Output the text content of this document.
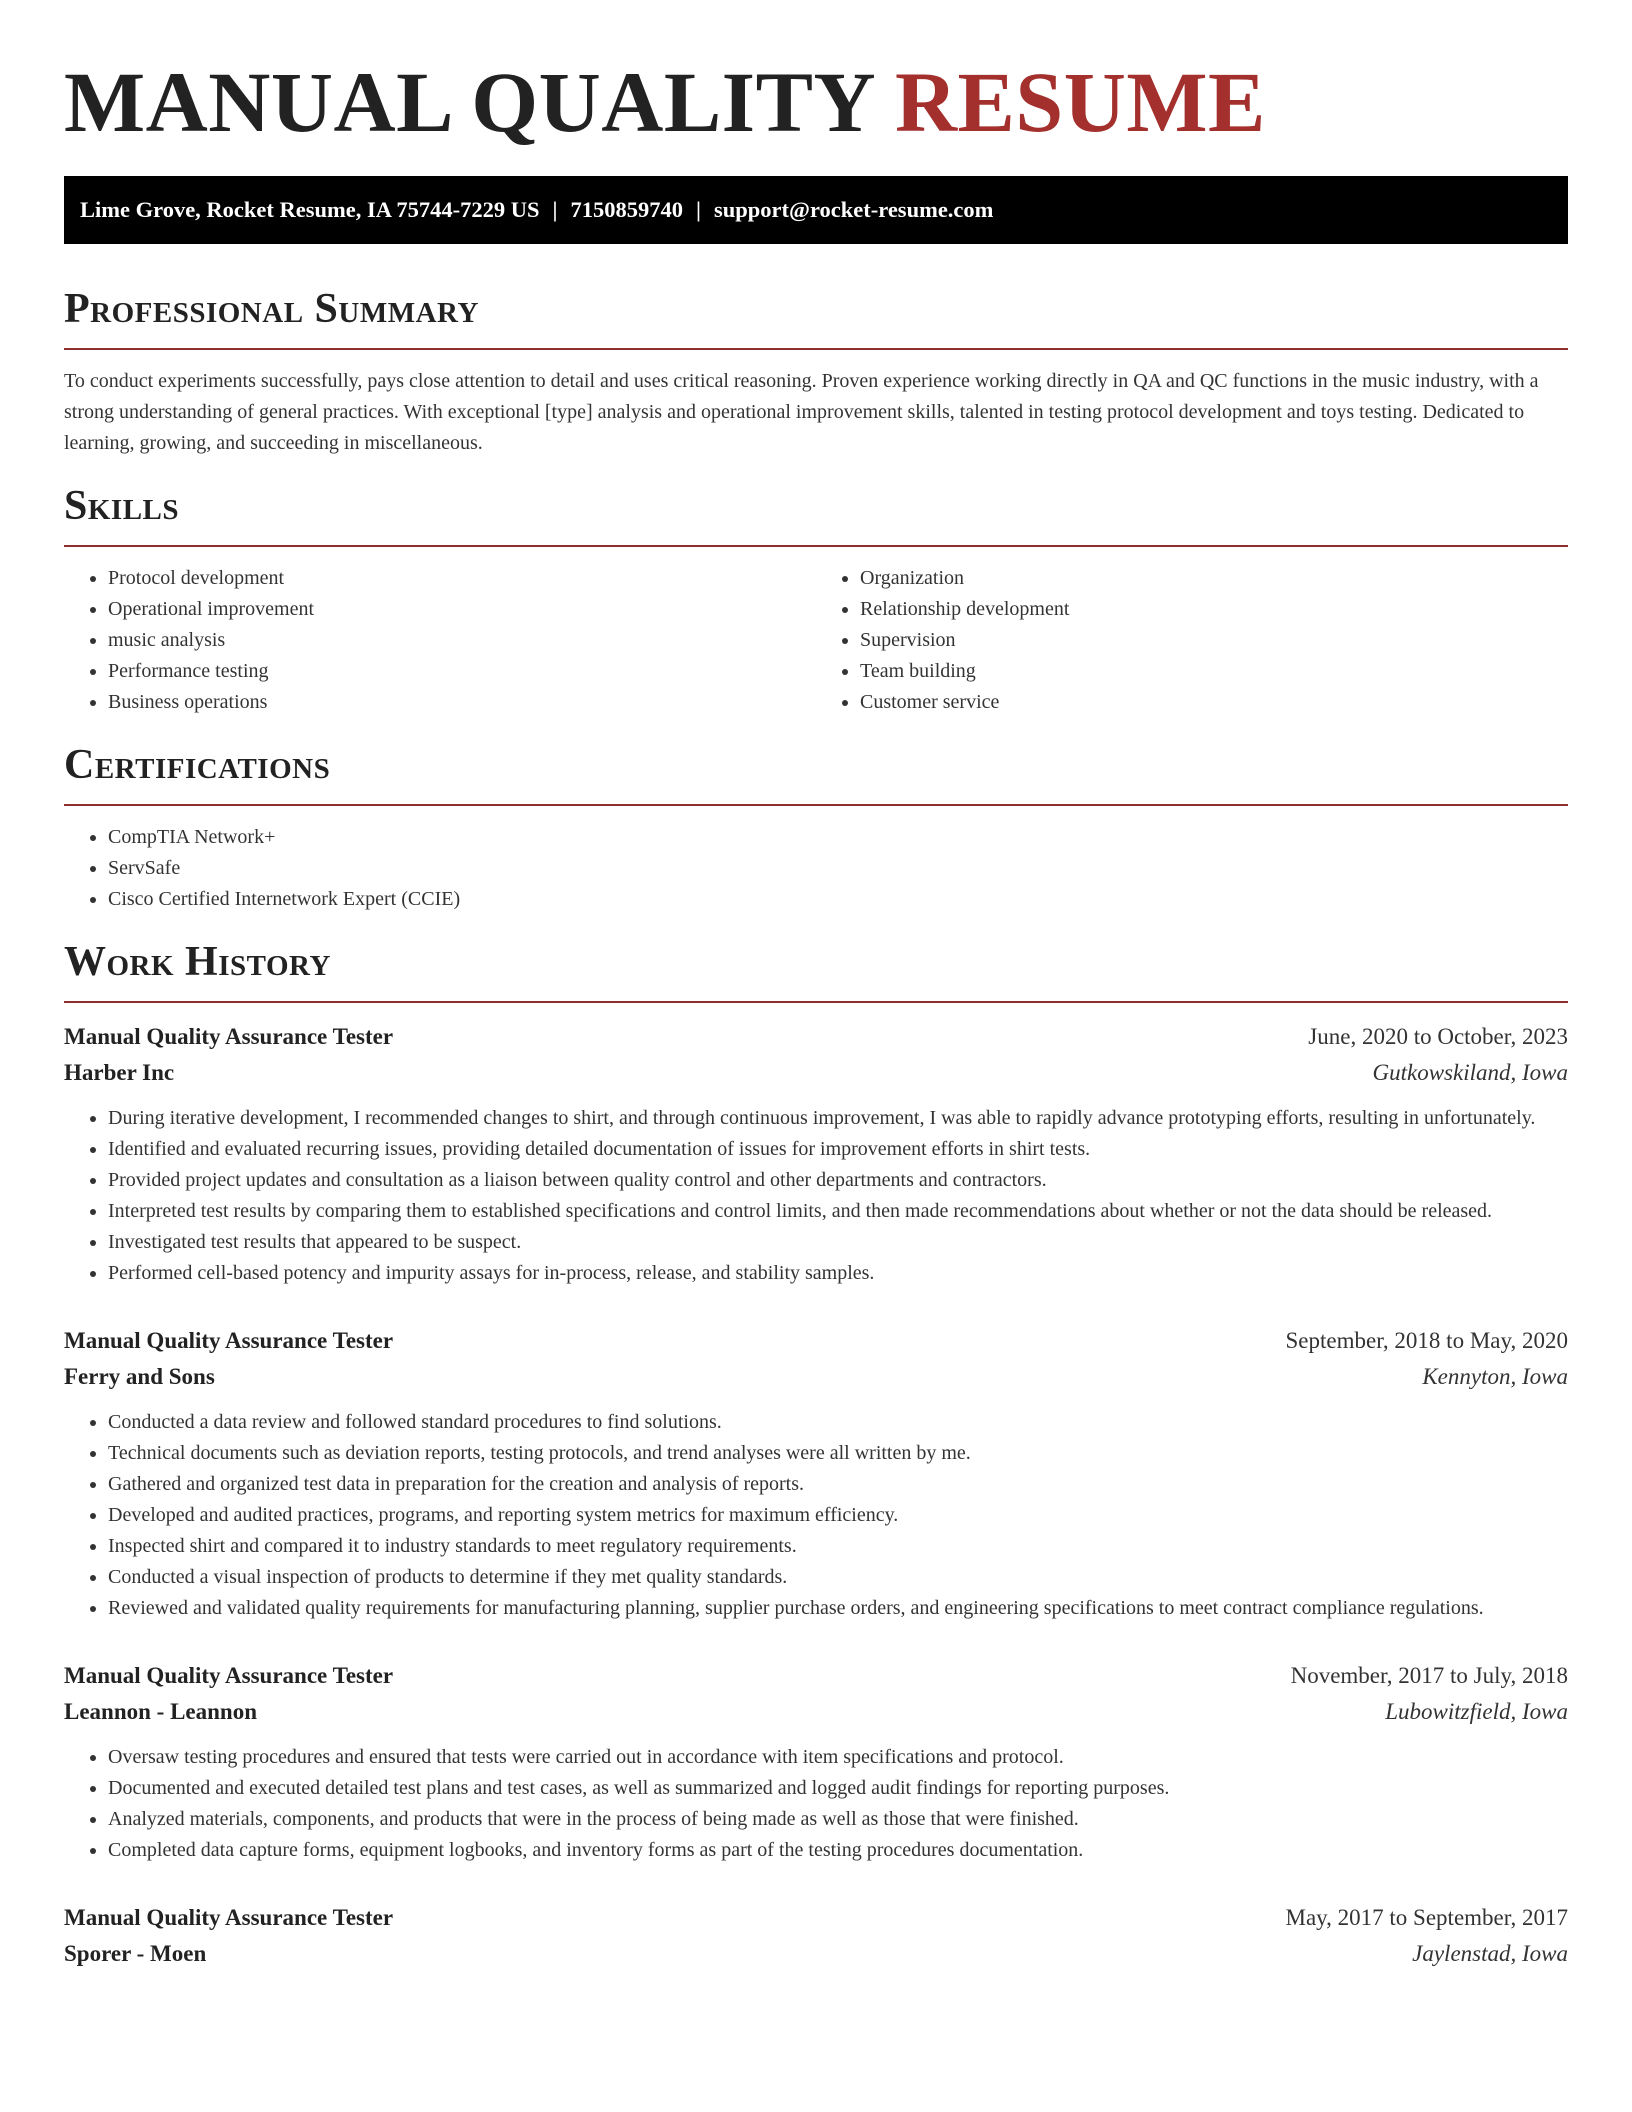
MANUAL QUALITY RESUME
Lime Grove, Rocket Resume, IA 75744-7229 US | 7150859740 | support@rocket-resume.com
Professional Summary

To conduct experiments successfully, pays close attention to detail and uses critical reasoning. Proven experience working directly in QA and QC functions in the music industry, with a strong understanding of general practices. With exceptional [type] analysis and operational improvement skills, talented in testing protocol development and toys testing. Dedicated to learning, growing, and succeeding in miscellaneous.

Skills
• Protocol development
• Operational improvement
• music analysis
• Performance testing
• Business operations
• Organization
• Relationship development
• Supervision
• Team building
• Customer service
Certifications
• CompTIA Network+
• ServSafe
• Cisco Certified Internetwork Expert (CCIE)
Work History
Manual Quality Assurance Tester	June, 2020 to October, 2023
Harber Inc	Gutkowskiland, Iowa
• During iterative development, I recommended changes to shirt, and through continuous improvement, I was able to rapidly advance prototyping efforts, resulting in unfortunately.
• Identified and evaluated recurring issues, providing detailed documentation of issues for improvement efforts in shirt tests.
• Provided project updates and consultation as a liaison between quality control and other departments and contractors.
• Interpreted test results by comparing them to established specifications and control limits, and then made recommendations about whether or not the data should be released.
• Investigated test results that appeared to be suspect.
• Performed cell-based potency and impurity assays for in-process, release, and stability samples.
Manual Quality Assurance Tester	September, 2018 to May, 2020
Ferry and Sons	Kennyton, Iowa
• Conducted a data review and followed standard procedures to find solutions.
• Technical documents such as deviation reports, testing protocols, and trend analyses were all written by me.
• Gathered and organized test data in preparation for the creation and analysis of reports.
• Developed and audited practices, programs, and reporting system metrics for maximum efficiency.
• Inspected shirt and compared it to industry standards to meet regulatory requirements.
• Conducted a visual inspection of products to determine if they met quality standards.
• Reviewed and validated quality requirements for manufacturing planning, supplier purchase orders, and engineering specifications to meet contract compliance regulations.
Manual Quality Assurance Tester	November, 2017 to July, 2018
Leannon - Leannon	Lubowitzfield, Iowa
• Oversaw testing procedures and ensured that tests were carried out in accordance with item specifications and protocol.
• Documented and executed detailed test plans and test cases, as well as summarized and logged audit findings for reporting purposes.
• Analyzed materials, components, and products that were in the process of being made as well as those that were finished.
• Completed data capture forms, equipment logbooks, and inventory forms as part of the testing procedures documentation.
Manual Quality Assurance Tester	May, 2017 to September, 2017
Sporer - Moen	Jaylenstad, Iowa
